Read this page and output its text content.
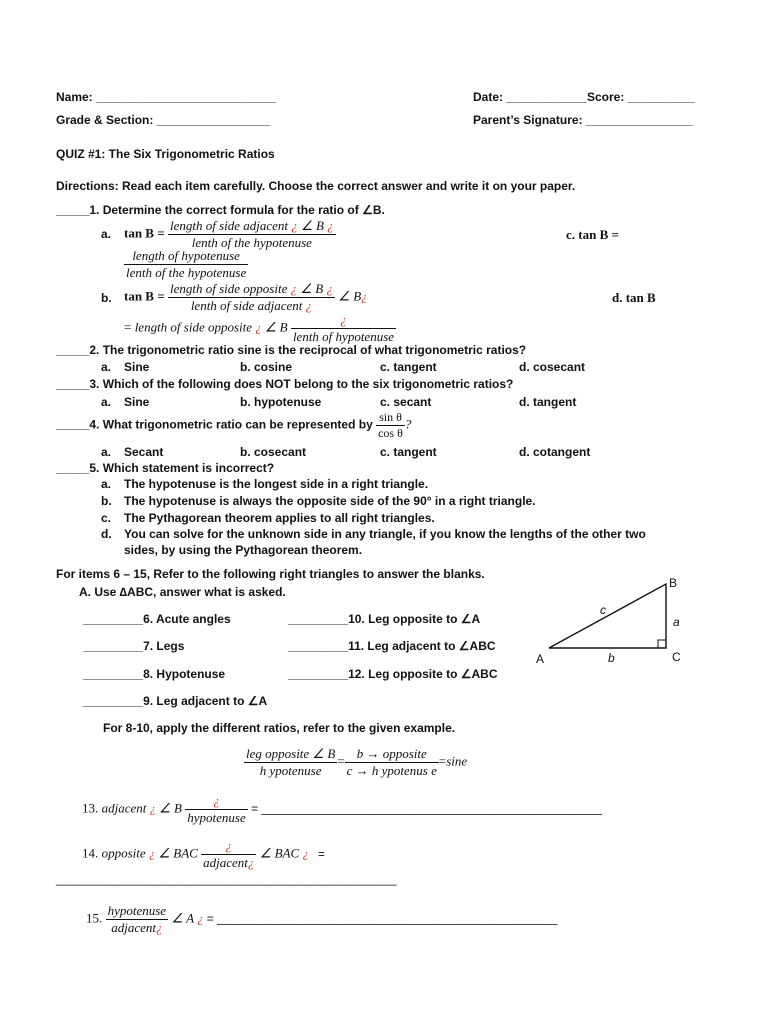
Name: ___________________________	Date: ____________ Score: __________
Grade & Section: _________________	Parent’s Signature: ________________
QUIZ #1: The Six Trigonometric Ratios
Directions: Read each item carefully. Choose the correct answer and write it on your paper.
_____1. Determine the correct formula for the ratio of ∠B.
a. $\tan B = \frac{\text{length of side adjacent ¿ ∠ B ¿}}{\text{lenth of the hypotenuse}}$	c. tan B =
length of hypotenuse
lenth of the hypotenuse
b. $\tan B = \frac{\text{length of side opposite ¿ ∠ B ¿}}{\text{lenth of side adjacent ¿}}$ ∠ B¿	d. tan B
= length of side opposite ¿ ∠ B $\frac{¿}{\text{lenth of hypotenuse}}$
_____2. The trigonometric ratio sine is the reciprocal of what trigonometric ratios?
a. Sine	b. cosine	c. tangent	d. cosecant
_____3. Which of the following does NOT belong to the six trigonometric ratios?
a. Sine	b. hypotenuse	c. secant	d. tangent
_____4. What trigonometric ratio can be represented by $\frac{\text{sin θ}}{\text{cos θ}}$ ?
a. Secant	b. cosecant	c. tangent	d. cotangent
_____5. Which statement is incorrect?
a. The hypotenuse is the longest side in a right triangle.
b. The hypotenuse is always the opposite side of the 90° in a right triangle.
c. The Pythagorean theorem applies to all right triangles.
d. You can solve for the unknown side in any triangle, if you know the lengths of the other two
sides, by using the Pythagorean theorem.
For items 6 – 15, Refer to the following right triangles to answer the blanks.
A. Use ∆ABC, answer what is asked.
_________6. Acute angles
_________7. Legs
_________8. Hypotenuse
_________9. Leg adjacent to ∠A
_________10. Leg opposite to ∠A
_________11. Leg adjacent to ∠ABC
_________12. Leg opposite to ∠ABC
A
B
C
a
b
c
For 8-10, apply the different ratios, refer to the given example.
$\frac{\text{leg opposite ∠ B}}{\text{h ypotenuse}} = \frac{\text{b → opposite}}{\text{c → h ypotenus e}} =\sin e$
13. adjacent ¿ ∠ B $\frac{¿}{\text{hypotenuse}}$ = ___________________________________________________
14. opposite ¿ ∠ BAC $\frac{¿}{\text{adjacent¿}}$ ∠ BAC ¿ =
___________________________________________________
15. $\frac{\text{hypotenuse}}{\text{adjacent¿}}$ ∠ A ¿ = ___________________________________________________
